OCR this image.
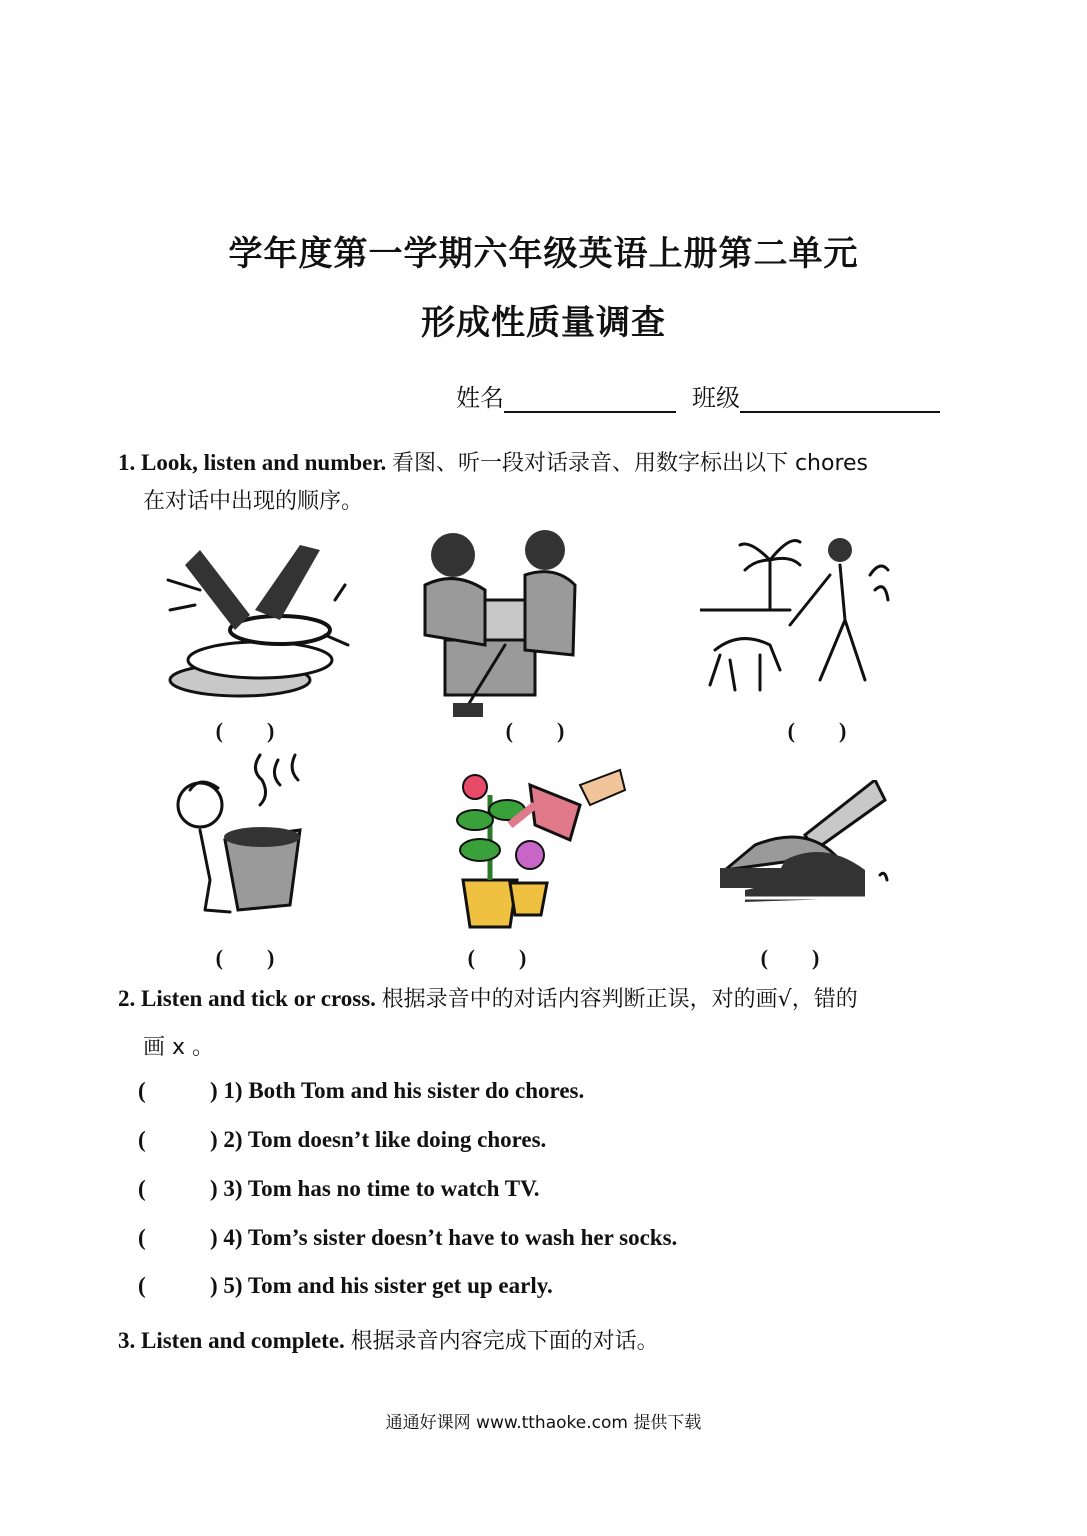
学年度第一学期六年级英语上册第二单元
形成性质量调查
姓名	班级
1. Look, listen and number. 看图、听一段对话录音、用数字标出以下 chores
在对话中出现的顺序。
(　　)	(　　)	(　　)
(　　)	(　　)	(　　)
2. Listen and tick or cross. 根据录音中的对话内容判断正误，对的画√，错的
画 x 。
(	) 1) Both Tom and his sister do chores.
(	) 2) Tom doesn’t like doing chores.
(	) 3) Tom has no time to watch TV.
(	) 4) Tom’s sister doesn’t have to wash her socks.
(	) 5) Tom and his sister get up early.
3. Listen and complete. 根据录音内容完成下面的对话。
通通好课网 www.tthaoke.com 提供下载
